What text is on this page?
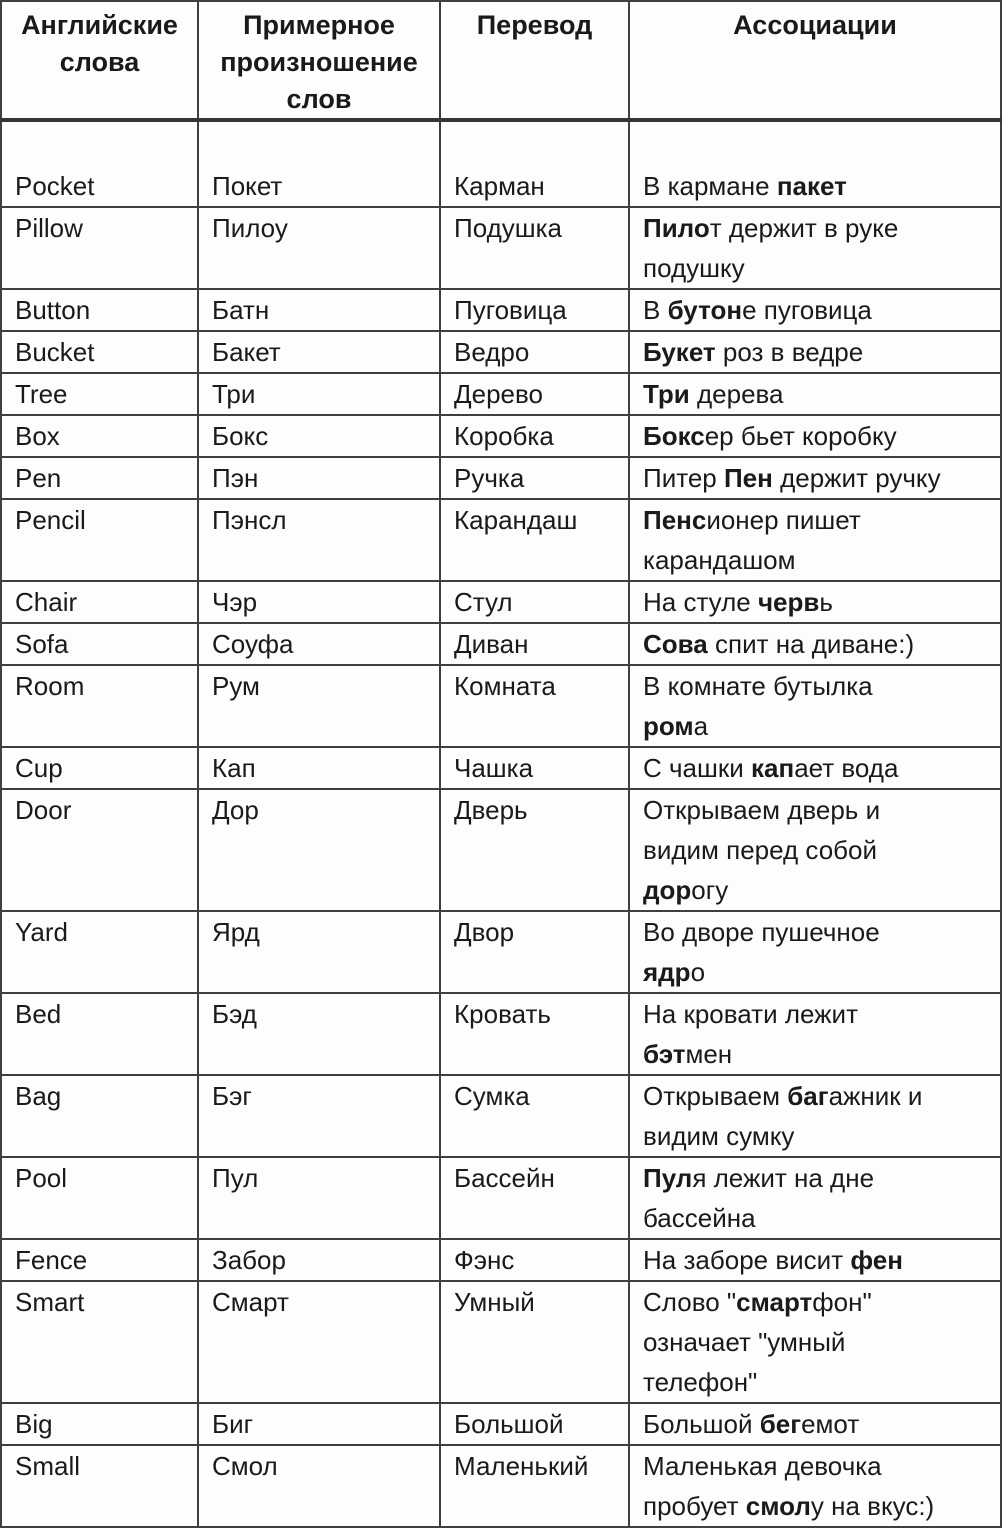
Английские слова	Примерное произношение слов	Перевод	Ассоциации
Pocket	Покет	Карман	В кармане пакет
Pillow	Пилоу	Подушка	Пилот держит в руке
подушку
Button	Батн	Пуговица	В бутоне пуговица
Bucket	Бакет	Ведро	Букет роз в ведре
Tree	Три	Дерево	Три дерева
Box	Бокс	Коробка	Боксер бьет коробку
Pen	Пэн	Ручка	Питер Пен держит ручку
Pencil	Пэнсл	Карандаш	Пенсионер пишет
карандашом
Chair	Чэр	Стул	На стуле червь
Sofa	Соуфа	Диван	Сова спит на диване:)
Room	Рум	Комната	В комнате бутылка
рома
Cup	Кап	Чашка	С чашки капает вода
Door	Дор	Дверь	Открываем дверь и
видим перед собой
дорогу
Yard	Ярд	Двор	Во дворе пушечное
ядро
Bed	Бэд	Кровать	На кровати лежит
бэтмен
Bag	Бэг	Сумка	Открываем багажник и
видим сумку
Pool	Пул	Бассейн	Пуля лежит на дне
бассейна
Fence	Забор	Фэнс	На заборе висит фен
Smart	Смарт	Умный	Слово "смартфон"
означает "умный
телефон"
Big	Биг	Большой	Большой бегемот
Small	Смол	Маленький	Маленькая девочка
пробует смолу на вкус:)
